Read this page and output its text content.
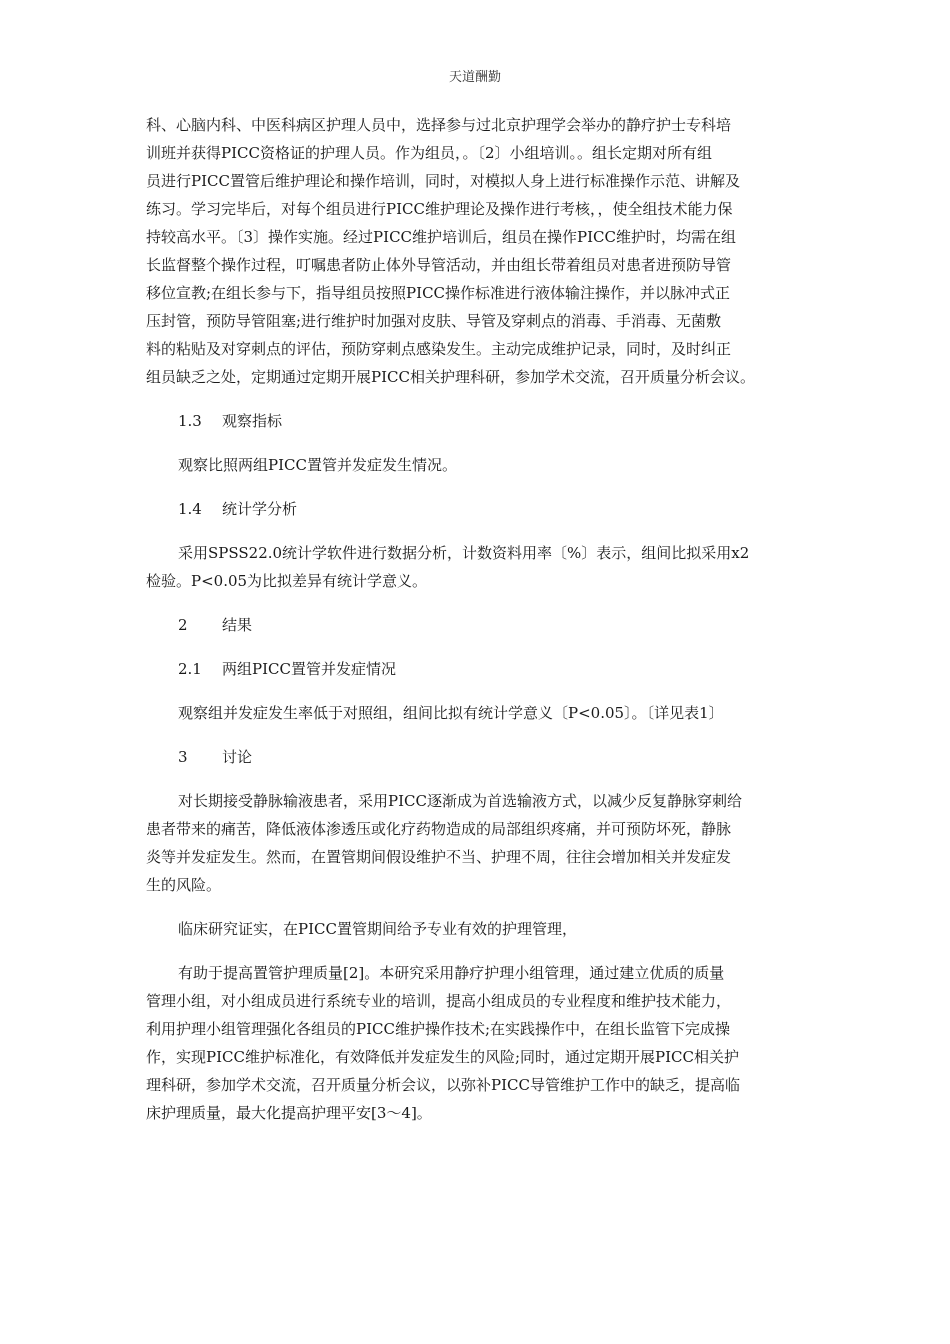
天道酬勤
科、心脑内科、中医科病区护理人员中，选择参与过北京护理学会举办的静疗护士专科培
训班并获得PICC资格证的护理人员。作为组员，。〔2〕小组培训。。组长定期对所有组
员进行PICC置管后维护理论和操作培训，同时，对模拟人身上进行标准操作示范、讲解及
练习。学习完毕后，对每个组员进行PICC维护理论及操作进行考核，，使全组技术能力保
持较高水平。〔3〕操作实施。经过PICC维护培训后，组员在操作PICC维护时，均需在组
长监督整个操作过程，叮嘱患者防止体外导管活动，并由组长带着组员对患者进预防导管
移位宣教;在组长参与下，指导组员按照PICC操作标准进行液体输注操作，并以脉冲式正
压封管，预防导管阻塞;进行维护时加强对皮肤、导管及穿刺点的消毒、手消毒、无菌敷
料的粘贴及对穿刺点的评估，预防穿刺点感染发生。主动完成维护记录，同时，及时纠正
组员缺乏之处，定期通过定期开展PICC相关护理科研，参加学术交流，召开质量分析会议。
1.3 观察指标
观察比照两组PICC置管并发症发生情况。
1.4 统计学分析
采用SPSS22.0统计学软件进行数据分析，计数资料用率〔%〕表示，组间比拟采用x2
检验。P<0.05为比拟差异有统计学意义。
2 结果
2.1 两组PICC置管并发症情况
观察组并发症发生率低于对照组，组间比拟有统计学意义〔P<0.05〕。〔详见表1〕
3 讨论
对长期接受静脉输液患者，采用PICC逐渐成为首选输液方式，以减少反复静脉穿刺给
患者带来的痛苦，降低液体渗透压或化疗药物造成的局部组织疼痛，并可预防坏死，静脉
炎等并发症发生。然而，在置管期间假设维护不当、护理不周，往往会增加相关并发症发
生的风险。
临床研究证实，在PICC置管期间给予专业有效的护理管理，
有助于提高置管护理质量[2]。本研究采用静疗护理小组管理，通过建立优质的质量
管理小组，对小组成员进行系统专业的培训，提高小组成员的专业程度和维护技术能力，
利用护理小组管理强化各组员的PICC维护操作技术;在实践操作中，在组长监管下完成操
作，实现PICC维护标准化，有效降低并发症发生的风险;同时，通过定期开展PICC相关护
理科研，参加学术交流，召开质量分析会议，以弥补PICC导管维护工作中的缺乏，提高临
床护理质量，最大化提高护理平安[3～4]。
